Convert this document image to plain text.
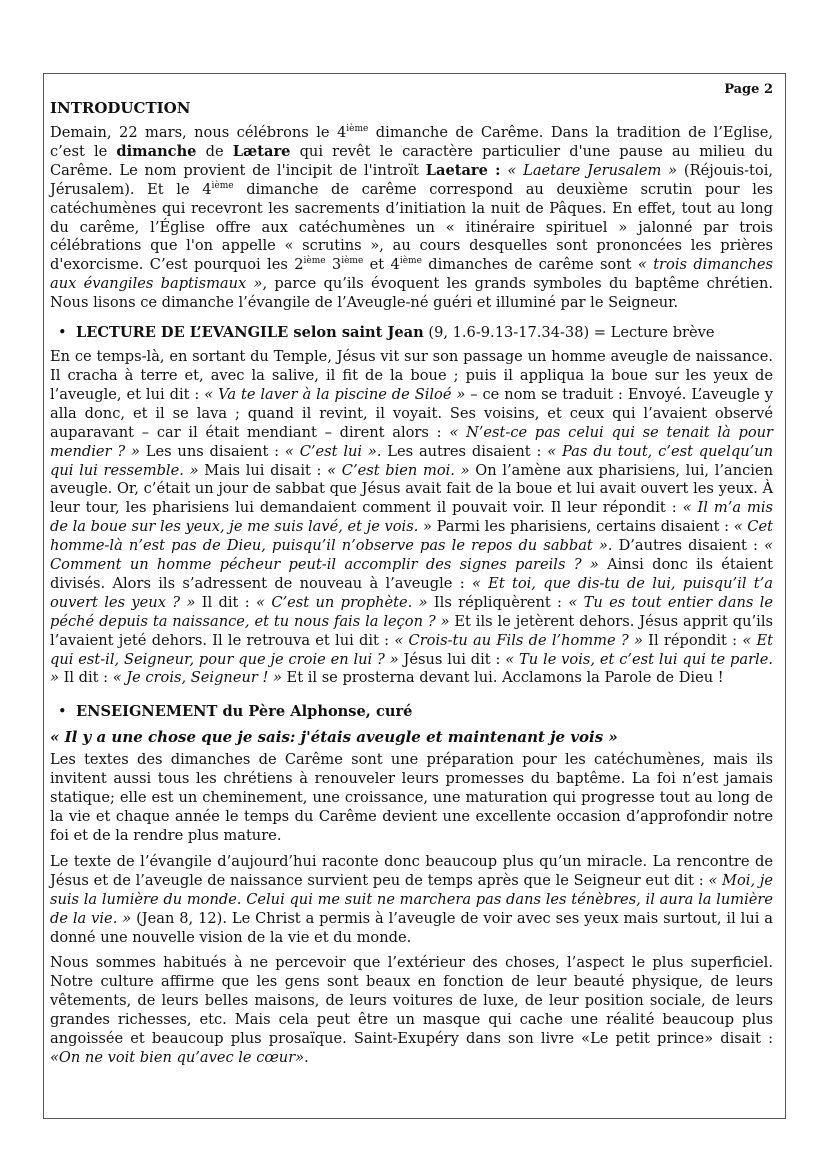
Page 2
INTRODUCTION

Demain, 22 mars, nous célébrons le 4ième dimanche de Carême. Dans la tradition de l’Eglise, c’est le dimanche de Lætare qui revêt le caractère particulier d'une pause au milieu du Carême. Le nom provient de l'incipit de l'introït Laetare : « Laetare Jerusalem » (Réjouis-toi, Jérusalem). Et le 4ième dimanche de carême correspond au deuxième scrutin pour les catéchumènes qui recevront les sacrements d’initiation la nuit de Pâques. En effet, tout au long du carême, l’Église offre aux catéchumènes un « itinéraire spirituel » jalonné par trois célébrations que l'on appelle « scrutins », au cours desquelles sont prononcées les prières d'exorcisme. C’est pourquoi les 2ième 3ième et 4ième dimanches de carême sont « trois dimanches aux évangiles baptismaux », parce qu’ils évoquent les grands symboles du baptême chrétien. Nous lisons ce dimanche l’évangile de l’Aveugle-né guéri et illuminé par le Seigneur.

• LECTURE DE L’EVANGILE selon saint Jean (9, 1.6-9.13-17.34-38) = Lecture brève

En ce temps-là, en sortant du Temple, Jésus vit sur son passage un homme aveugle de naissance. Il cracha à terre et, avec la salive, il fit de la boue ; puis il appliqua la boue sur les yeux de l’aveugle, et lui dit : « Va te laver à la piscine de Siloé » – ce nom se traduit : Envoyé. L’aveugle y alla donc, et il se lava ; quand il revint, il voyait. Ses voisins, et ceux qui l’avaient observé auparavant – car il était mendiant – dirent alors : « N’est-ce pas celui qui se tenait là pour mendier ? » Les uns disaient : « C’est lui ». Les autres disaient : « Pas du tout, c’est quelqu’un qui lui ressemble. » Mais lui disait : « C’est bien moi. » On l’amène aux pharisiens, lui, l’ancien aveugle. Or, c’était un jour de sabbat que Jésus avait fait de la boue et lui avait ouvert les yeux. À leur tour, les pharisiens lui demandaient comment il pouvait voir. Il leur répondit : « Il m’a mis de la boue sur les yeux, je me suis lavé, et je vois. » Parmi les pharisiens, certains disaient : « Cet homme-là n’est pas de Dieu, puisqu’il n’observe pas le repos du sabbat ». D’autres disaient : « Comment un homme pécheur peut-il accomplir des signes pareils ? » Ainsi donc ils étaient divisés. Alors ils s’adressent de nouveau à l’aveugle : « Et toi, que dis-tu de lui, puisqu’il t’a ouvert les yeux ? » Il dit : « C’est un prophète. » Ils répliquèrent : « Tu es tout entier dans le péché depuis ta naissance, et tu nous fais la leçon ? » Et ils le jetèrent dehors. Jésus apprit qu’ils l’avaient jeté dehors. Il le retrouva et lui dit : « Crois-tu au Fils de l’homme ? » Il répondit : « Et qui est-il, Seigneur, pour que je croie en lui ? » Jésus lui dit : « Tu le vois, et c’est lui qui te parle. » Il dit : « Je crois, Seigneur ! » Et il se prosterna devant lui. Acclamons la Parole de Dieu !

• ENSEIGNEMENT du Père Alphonse, curé
« Il y a une chose que je sais: j'étais aveugle et maintenant je vois »

Les textes des dimanches de Carême sont une préparation pour les catéchumènes, mais ils invitent aussi tous les chrétiens à renouveler leurs promesses du baptême. La foi n’est jamais statique; elle est un cheminement, une croissance, une maturation qui progresse tout au long de la vie et chaque année le temps du Carême devient une excellente occasion d’approfondir notre foi et de la rendre plus mature.

Le texte de l’évangile d’aujourd’hui raconte donc beaucoup plus qu’un miracle. La rencontre de Jésus et de l’aveugle de naissance survient peu de temps après que le Seigneur eut dit : « Moi, je suis la lumière du monde. Celui qui me suit ne marchera pas dans les ténèbres, il aura la lumière de la vie. » (Jean 8, 12). Le Christ a permis à l’aveugle de voir avec ses yeux mais surtout, il lui a donné une nouvelle vision de la vie et du monde.

Nous sommes habitués à ne percevoir que l’extérieur des choses, l’aspect le plus superficiel. Notre culture affirme que les gens sont beaux en fonction de leur beauté physique, de leurs vêtements, de leurs belles maisons, de leurs voitures de luxe, de leur position sociale, de leurs grandes richesses, etc. Mais cela peut être un masque qui cache une réalité beaucoup plus angoissée et beaucoup plus prosaïque. Saint-Exupéry dans son livre «Le petit prince» disait : «On ne voit bien qu’avec le cœur».
